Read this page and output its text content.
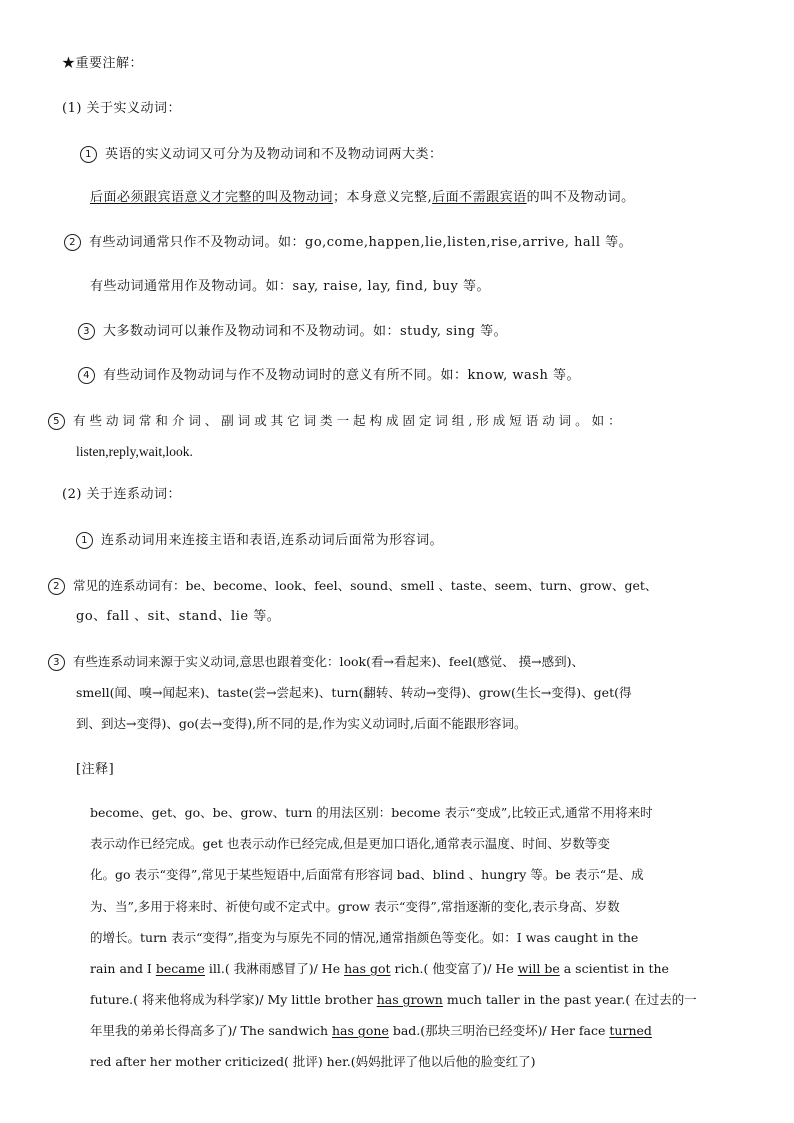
★重要注解：
(1) 关于实义动词：
1 英语的实义动词又可分为及物动词和不及物动词两大类：
后面必须跟宾语意义才完整的叫及物动词；本身意义完整,后面不需跟宾语的叫不及物动词。
2 有些动词通常只作不及物动词。如：go,come,happen,lie,listen,rise,arrive, hall 等。
有些动词通常用作及物动词。如：say, raise, lay, find, buy 等。
3 大多数动词可以兼作及物动词和不及物动词。如：study, sing 等。
4 有些动词作及物动词与作不及物动词时的意义有所不同。如：know, wash 等。
5 有 些 动 词 常 和 介 词 、 副 词 或 其 它 词 类 一 起 构 成 固 定 词 组 , 形 成 短 语 动 词 。 如 ：
listen,reply,wait,look.
(2) 关于连系动词：
1 连系动词用来连接主语和表语,连系动词后面常为形容词。
2 常见的连系动词有：be、become、look、feel、sound、smell 、taste、seem、turn、grow、get、
go、fall 、sit、stand、lie 等。
3 有些连系动词来源于实义动词,意思也跟着变化：look(看→看起来)、feel(感觉、 摸→感到)、
smell(闻、嗅→闻起来)、taste(尝→尝起来)、turn(翻转、转动→变得)、grow(生长→变得)、get(得
到、到达→变得)、go(去→变得),所不同的是,作为实义动词时,后面不能跟形容词。
[注释]
become、get、go、be、grow、turn 的用法区别：become 表示“变成”,比较正式,通常不用将来时
表示动作已经完成。get 也表示动作已经完成,但是更加口语化,通常表示温度、时间、岁数等变
化。go 表示“变得”,常见于某些短语中,后面常有形容词 bad、blind 、hungry 等。be 表示“是、成
为、当”,多用于将来时、祈使句或不定式中。grow 表示“变得”,常指逐渐的变化,表示身高、岁数
的增长。turn 表示“变得”,指变为与原先不同的情况,通常指颜色等变化。如：I was caught in the
rain and I became ill.( 我淋雨感冒了)/ He has got rich.( 他变富了)/ He will be a scientist in the
future.( 将来他将成为科学家)/ My little brother has grown much taller in the past year.( 在过去的一
年里我的弟弟长得高多了)/ The sandwich has gone bad.(那块三明治已经变坏)/ Her face turned
red after her mother criticized( 批评) her.(妈妈批评了他以后他的脸变红了)
